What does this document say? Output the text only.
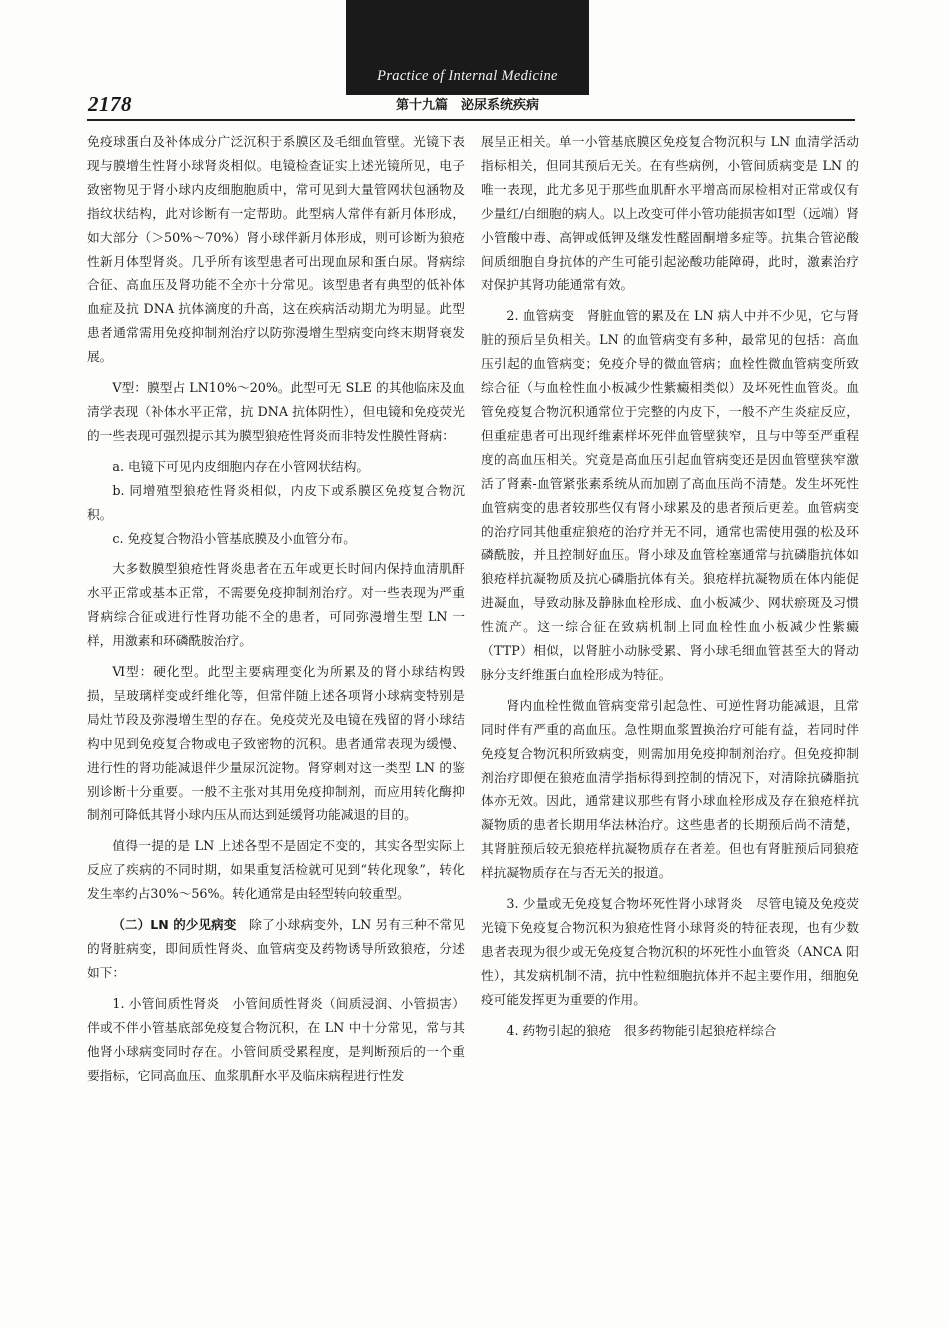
Practice of Internal Medicine
2178	第十九篇　泌尿系统疾病

免疫球蛋白及补体成分广泛沉积于系膜区及毛细血管壁。光镜下表现与膜增生性肾小球肾炎相似。电镜检查证实上述光镜所见，电子致密物见于肾小球内皮细胞胞质中，常可见到大量管网状包涵物及指纹状结构，此对诊断有一定帮助。此型病人常伴有新月体形成，如大部分（＞50%～70%）肾小球伴新月体形成，则可诊断为狼疮性新月体型肾炎。几乎所有该型患者可出现血尿和蛋白尿。肾病综合征、高血压及肾功能不全亦十分常见。该型患者有典型的低补体血症及抗 DNA 抗体滴度的升高，这在疾病活动期尤为明显。此型患者通常需用免疫抑制剂治疗以防弥漫增生型病变向终末期肾衰发展。

Ⅴ型：膜型占 LN10%～20%。此型可无 SLE 的其他临床及血清学表现（补体水平正常，抗 DNA 抗体阴性），但电镜和免疫荧光的一些表现可强烈提示其为膜型狼疮性肾炎而非特发性膜性肾病：

a. 电镜下可见内皮细胞内存在小管网状结构。

b. 同增殖型狼疮性肾炎相似，内皮下或系膜区免疫复合物沉积。

c. 免疫复合物沿小管基底膜及小血管分布。

大多数膜型狼疮性肾炎患者在五年或更长时间内保持血清肌酐水平正常或基本正常，不需要免疫抑制剂治疗。对一些表现为严重肾病综合征或进行性肾功能不全的患者，可同弥漫增生型 LN 一样，用激素和环磷酰胺治疗。

Ⅵ型：硬化型。此型主要病理变化为所累及的肾小球结构毁损，呈玻璃样变或纤维化等，但常伴随上述各项肾小球病变特别是局灶节段及弥漫增生型的存在。免疫荧光及电镜在残留的肾小球结构中见到免疫复合物或电子致密物的沉积。患者通常表现为缓慢、进行性的肾功能减退伴少量尿沉淀物。肾穿刺对这一类型 LN 的鉴别诊断十分重要。一般不主张对其用免疫抑制剂，而应用转化酶抑制剂可降低其肾小球内压从而达到延缓肾功能减退的目的。

值得一提的是 LN 上述各型不是固定不变的，其实各型实际上反应了疾病的不同时期，如果重复活检就可见到“转化现象”，转化发生率约占30%～56%。转化通常是由轻型转向较重型。

（二）LN 的少见病变　除了小球病变外，LN 另有三种不常见的肾脏病变，即间质性肾炎、血管病变及药物诱导所致狼疮，分述如下：

1. 小管间质性肾炎　小管间质性肾炎（间质浸润、小管损害）伴或不伴小管基底部免疫复合物沉积，在 LN 中十分常见，常与其他肾小球病变同时存在。小管间质受累程度，是判断预后的一个重要指标，它同高血压、血浆肌酐水平及临床病程进行性发

展呈正相关。单一小管基底膜区免疫复合物沉积与 LN 血清学活动指标相关，但同其预后无关。在有些病例，小管间质病变是 LN 的唯一表现，此尤多见于那些血肌酐水平增高而尿检相对正常或仅有少量红/白细胞的病人。以上改变可伴小管功能损害如Ⅰ型（远端）肾小管酸中毒、高钾或低钾及继发性醛固酮增多症等。抗集合管泌酸间质细胞自身抗体的产生可能引起泌酸功能障碍，此时，激素治疗对保护其肾功能通常有效。

2. 血管病变　肾脏血管的累及在 LN 病人中并不少见，它与肾脏的预后呈负相关。LN 的血管病变有多种，最常见的包括：高血压引起的血管病变；免疫介导的微血管病；血栓性微血管病变所致综合征（与血栓性血小板减少性紫癜相类似）及坏死性血管炎。血管免疫复合物沉积通常位于完整的内皮下，一般不产生炎症反应，但重症患者可出现纤维素样坏死伴血管壁狭窄，且与中等至严重程度的高血压相关。究竟是高血压引起血管病变还是因血管壁狭窄激活了肾素-血管紧张素系统从而加剧了高血压尚不清楚。发生坏死性血管病变的患者较那些仅有肾小球累及的患者预后更差。血管病变的治疗同其他重症狼疮的治疗并无不同，通常也需使用强的松及环磷酰胺，并且控制好血压。肾小球及血管栓塞通常与抗磷脂抗体如狼疮样抗凝物质及抗心磷脂抗体有关。狼疮样抗凝物质在体内能促进凝血，导致动脉及静脉血栓形成、血小板减少、网状瘀斑及习惯性流产。这一综合征在致病机制上同血栓性血小板减少性紫癜（TTP）相似，以肾脏小动脉受累、肾小球毛细血管甚至大的肾动脉分支纤维蛋白血栓形成为特征。

肾内血栓性微血管病变常引起急性、可逆性肾功能减退，且常同时伴有严重的高血压。急性期血浆置换治疗可能有益，若同时伴免疫复合物沉积所致病变，则需加用免疫抑制剂治疗。但免疫抑制剂治疗即便在狼疮血清学指标得到控制的情况下，对清除抗磷脂抗体亦无效。因此，通常建议那些有肾小球血栓形成及存在狼疮样抗凝物质的患者长期用华法林治疗。这些患者的长期预后尚不清楚，其肾脏预后较无狼疮样抗凝物质存在者差。但也有肾脏预后同狼疮样抗凝物质存在与否无关的报道。

3. 少量或无免疫复合物坏死性肾小球肾炎　尽管电镜及免疫荧光镜下免疫复合物沉积为狼疮性肾小球肾炎的特征表现，也有少数患者表现为很少或无免疫复合物沉积的坏死性小血管炎（ANCA 阳性），其发病机制不清，抗中性粒细胞抗体并不起主要作用，细胞免疫可能发挥更为重要的作用。

4. 药物引起的狼疮　很多药物能引起狼疮样综合
